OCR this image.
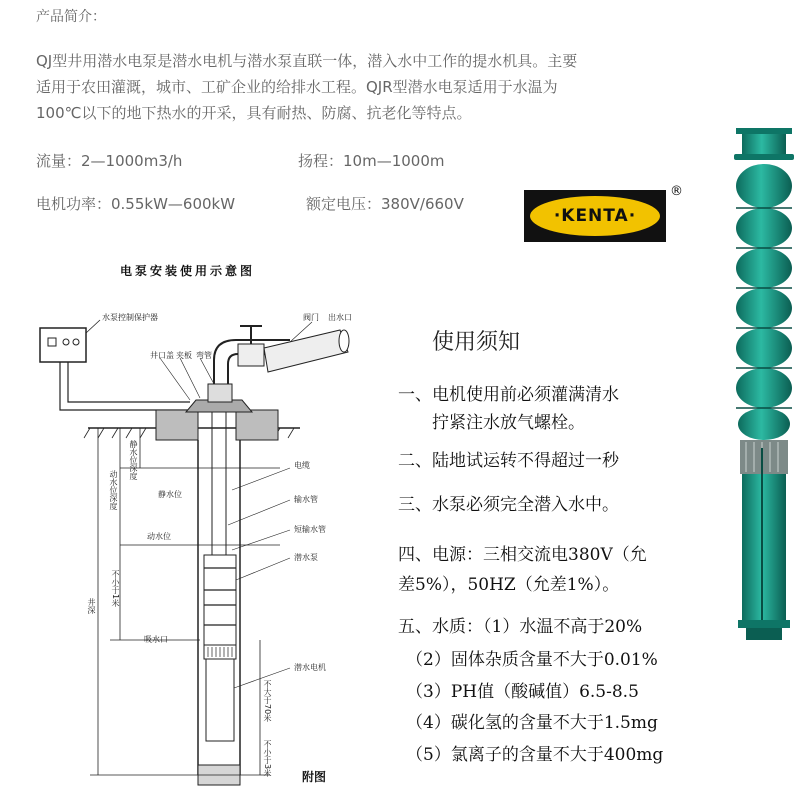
产品简介：
QJ型井用潜水电泵是潜水电机与潜水泵直联一体，潜入水中工作的提水机具。主要
适用于农田灌溉，城市、工矿企业的给排水工程。QJR型潜水电泵适用于水温为
100℃以下的地下热水的开采，具有耐热、防腐、抗老化等特点。
流量：2—1000m3/h	扬程：10m—1000m
电机功率：0.55kW—600kW	额定电压：380V/660V
·KENTA·
®
电泵安装使用示意图
水泵控制保护器	阀门 出水口
井口盖 夹板 弯管
电缆
静水位
输水管
动水位
短输水管
潜水泵
吸水口
潜水电机
动水位深度
静水位深度
井深 不小于1米
不大于70米
不小于3米	附图
使用须知
一、电机使用前必须灌满清水
拧紧注水放气螺栓。
二、陆地试运转不得超过一秒
三、水泵必须完全潜入水中。
四、电源：三相交流电380V（允
差5%），50HZ（允差1%）。
五、水质：（1）水温不高于20%
（2）固体杂质含量不大于0.01%
（3）PH值（酸碱值）6.5-8.5
（4）碳化氢的含量不大于1.5mg
（5）氯离子的含量不大于400mg
